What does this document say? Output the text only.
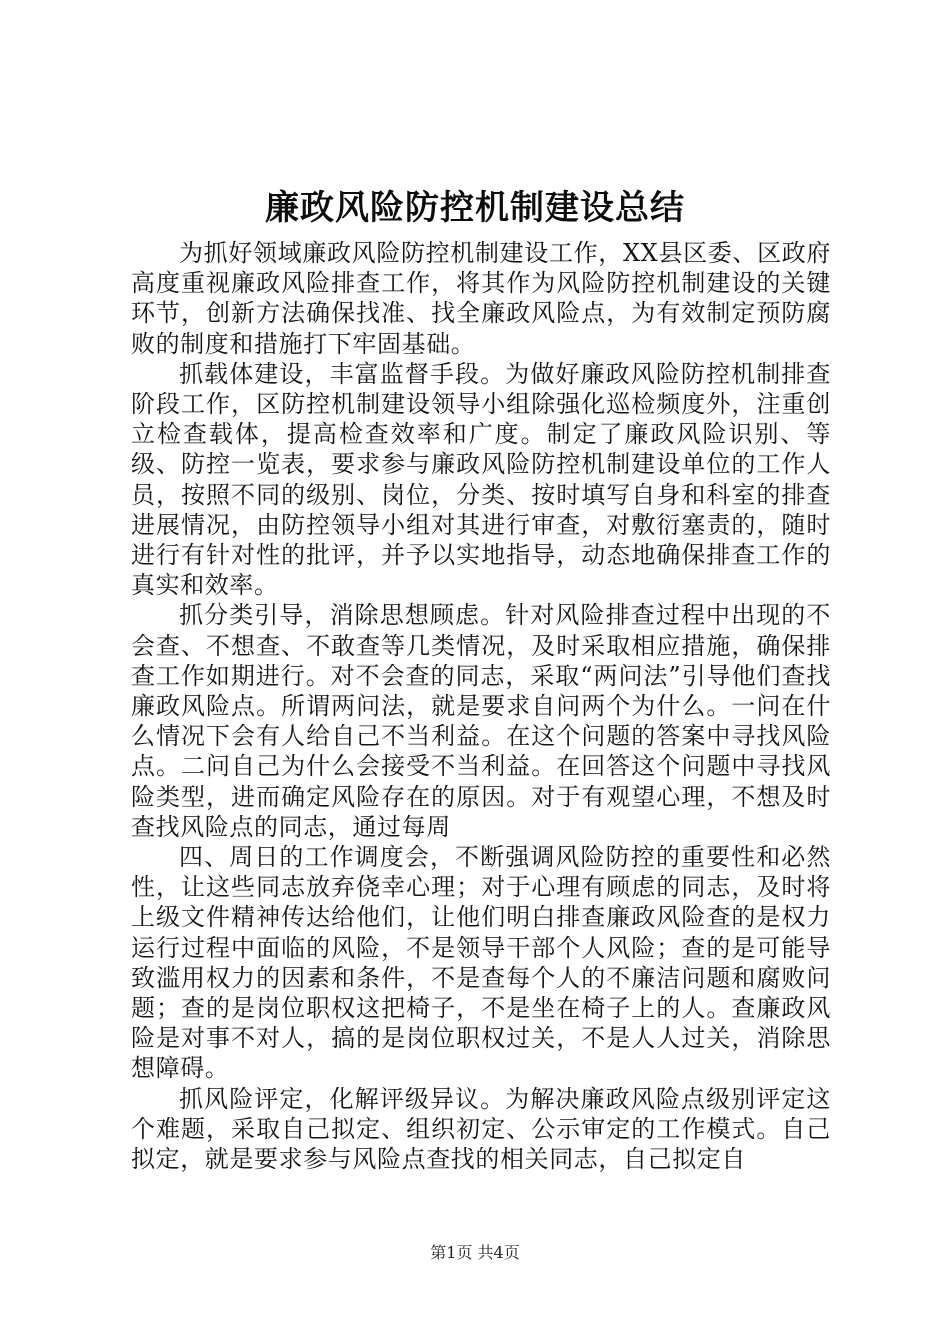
廉政风险防控机制建设总结

为抓好领域廉政风险防控机制建设工作，XX县区委、区政府高度重视廉政风险排查工作，将其作为风险防控机制建设的关键环节，创新方法确保找准、找全廉政风险点，为有效制定预防腐败的制度和措施打下牢固基础。

抓载体建设，丰富监督手段。为做好廉政风险防控机制排查阶段工作，区防控机制建设领导小组除强化巡检频度外，注重创立检查载体，提高检查效率和广度。制定了廉政风险识别、等级、防控一览表，要求参与廉政风险防控机制建设单位的工作人员，按照不同的级别、岗位，分类、按时填写自身和科室的排查进展情况，由防控领导小组对其进行审查，对敷衍塞责的，随时进行有针对性的批评，并予以实地指导，动态地确保排查工作的真实和效率。

抓分类引导，消除思想顾虑。针对风险排查过程中出现的不会查、不想查、不敢查等几类情况，及时采取相应措施，确保排查工作如期进行。对不会查的同志，采取“两问法”引导他们查找廉政风险点。所谓两问法，就是要求自问两个为什么。一问在什么情况下会有人给自己不当利益。在这个问题的答案中寻找风险点。二问自己为什么会接受不当利益。在回答这个问题中寻找风险类型，进而确定风险存在的原因。对于有观望心理，不想及时查找风险点的同志，通过每周

四、周日的工作调度会，不断强调风险防控的重要性和必然性，让这些同志放弃侥幸心理；对于心理有顾虑的同志，及时将上级文件精神传达给他们，让他们明白排查廉政风险查的是权力运行过程中面临的风险，不是领导干部个人风险；查的是可能导致滥用权力的因素和条件，不是查每个人的不廉洁问题和腐败问题；查的是岗位职权这把椅子，不是坐在椅子上的人。查廉政风险是对事不对人，搞的是岗位职权过关，不是人人过关，消除思想障碍。

抓风险评定，化解评级异议。为解决廉政风险点级别评定这个难题，采取自己拟定、组织初定、公示审定的工作模式。自己拟定，就是要求参与风险点查找的相关同志，自己拟定自

第1页 共4页
